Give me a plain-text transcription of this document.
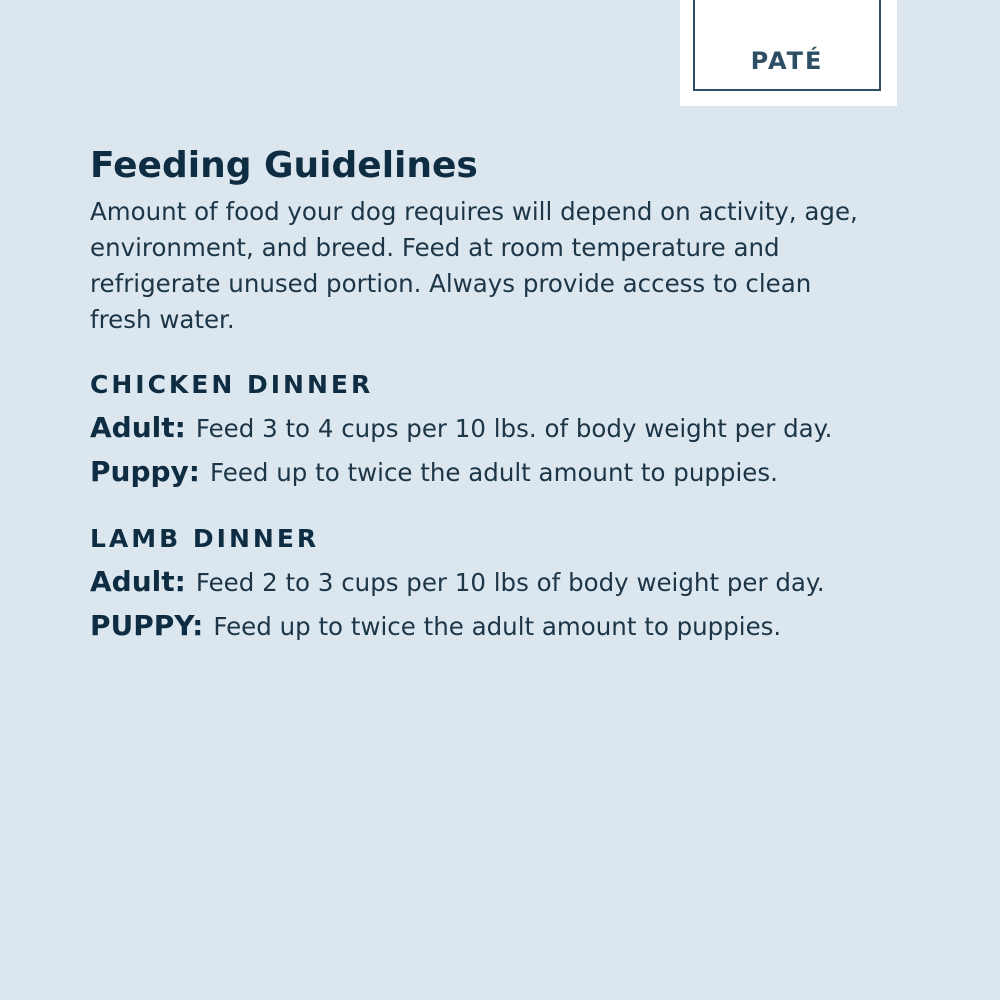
PATÉ
Feeding Guidelines

Amount of food your dog requires will depend on activity, age, environment, and breed. Feed at room temperature and refrigerate unused portion. Always provide access to clean fresh water.

CHICKEN DINNER

Adult: Feed 3 to 4 cups per 10 lbs. of body weight per day.

Puppy: Feed up to twice the adult amount to puppies.

LAMB DINNER

Adult: Feed 2 to 3 cups per 10 lbs of body weight per day.

PUPPY: Feed up to twice the adult amount to puppies.
